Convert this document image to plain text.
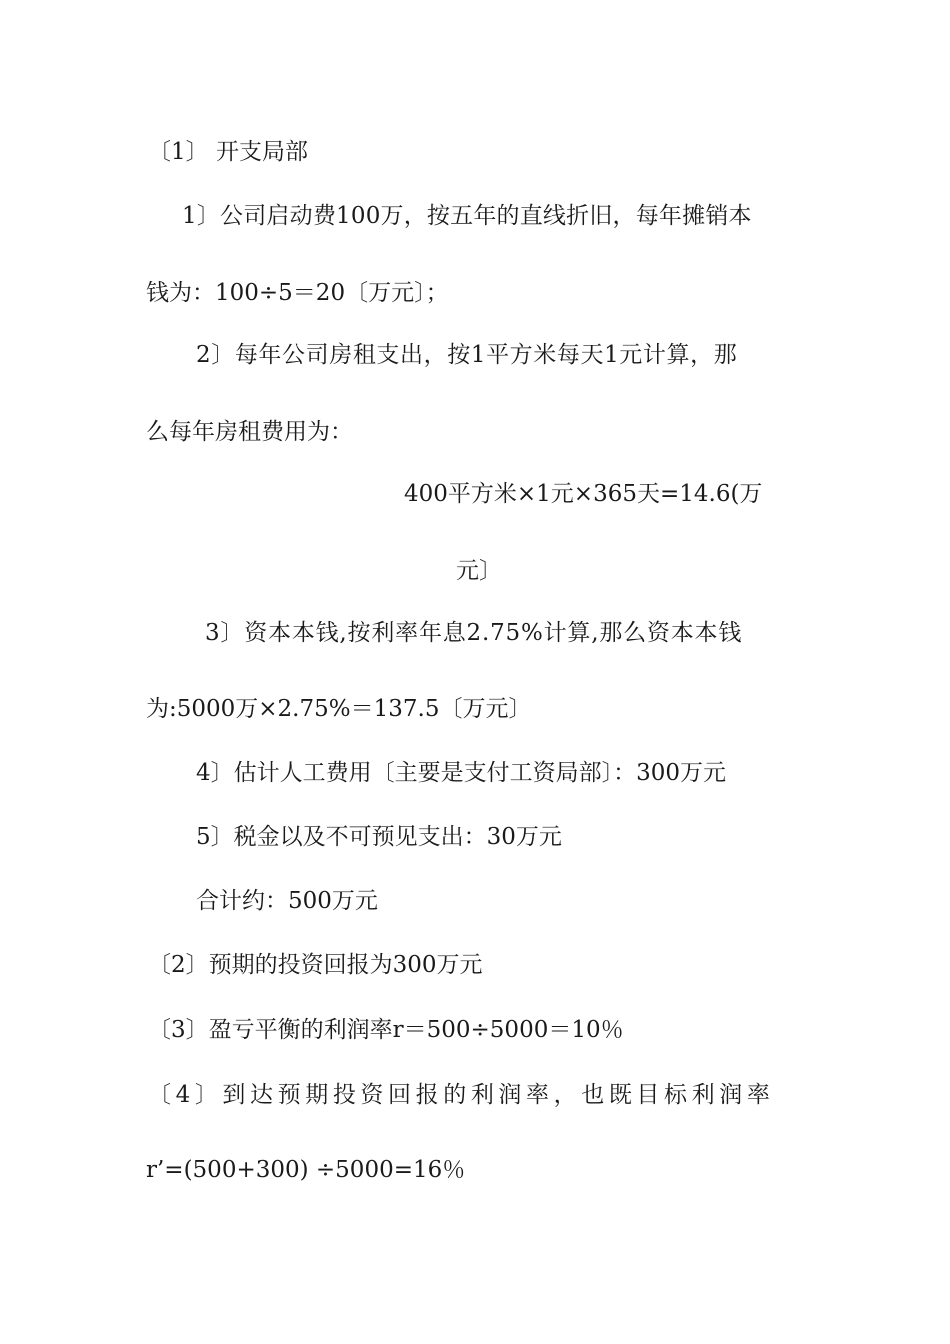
〔1〕 开支局部
1〕公司启动费100万，按五年的直线折旧，每年摊销本
钱为：100÷5＝20〔万元〕；
2〕每年公司房租支出，按1平方米每天1元计算，那
么每年房租费用为：
400平方米×1元×365天=14.6(万
元〕
3〕资本本钱,按利率年息2.75%计算,那么资本本钱
为:5000万×2.75%＝137.5〔万元〕
4〕估计人工费用〔主要是支付工资局部〕：300万元
5〕税金以及不可预见支出：30万元
合计约：500万元
〔2〕预期的投资回报为300万元
〔3〕盈亏平衡的利润率r＝500÷5000＝10％
〔4〕到达预期投资回报的利润率，也既目标利润率
r’=(500+300) ÷5000=16％
